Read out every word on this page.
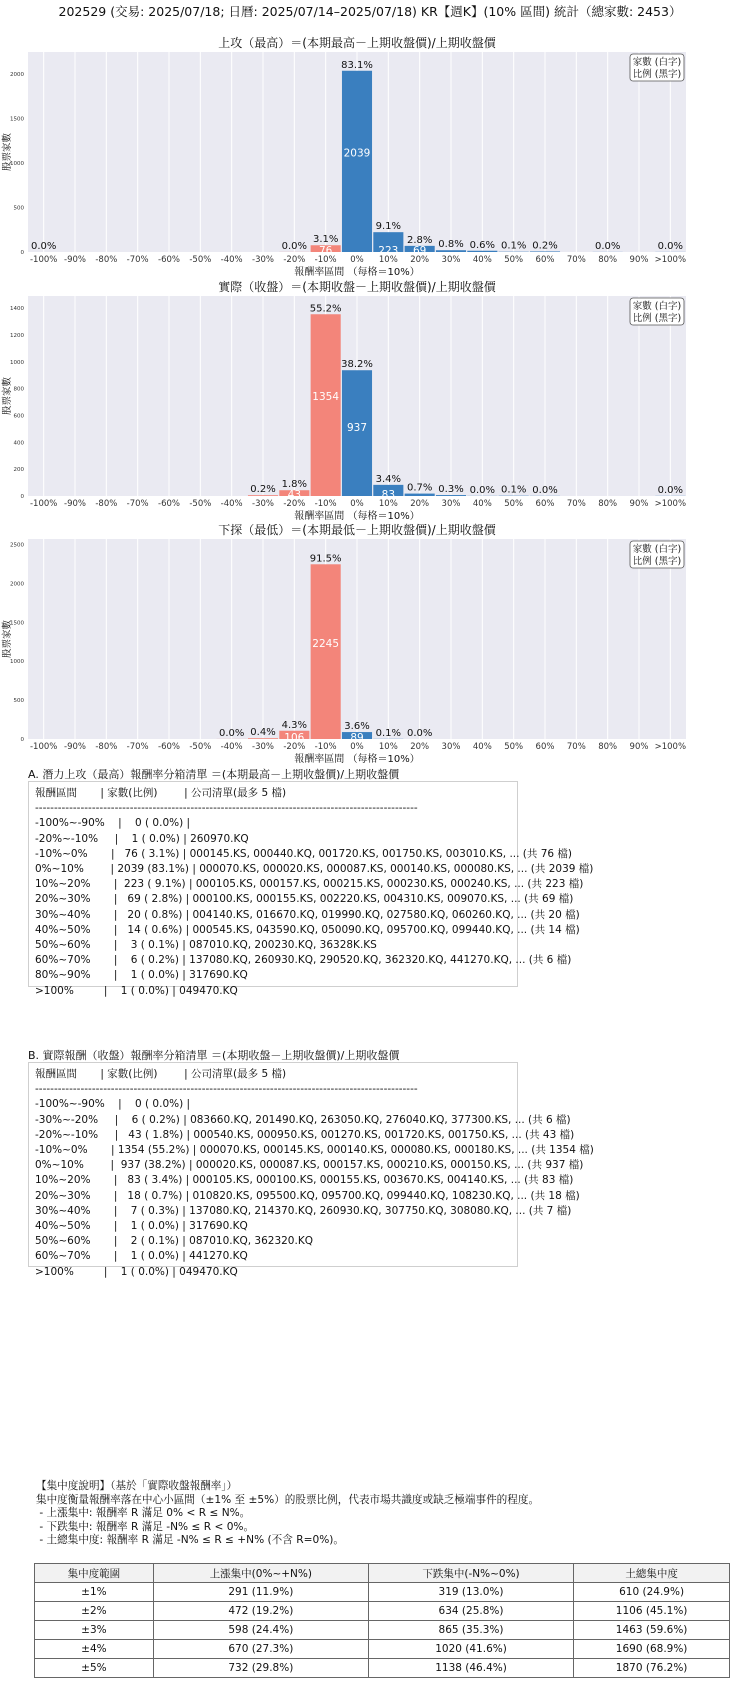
202529 (交易: 2025/07/18; 日曆: 2025/07/14–2025/07/18) KR【週K】(10% 區間) 統計（總家數: 2453）
上攻（最高）＝(本期最高－上期收盤價)/上期收盤價
0
500
1000
1500
2000
股票家數
0.0%
-100% -90% -80% -70% -60% -50% -40% -30%
0.0%
-20%
76
3.1%
-10%
2039
83.1%
0%
223
9.1%
10%
69
2.8%
20%
0.8%
30%
0.6%
40%
0.1%
50%
0.2%
60% 70%
0.0%
80% 90%
0.0%
>100%
報酬率區間 （每格＝10%）
家數 (白字)
比例 (黑字)
實際（收盤）＝(本期收盤－上期收盤價)/上期收盤價
0
200
400
600
800
1000
1200
1400
股票家數
-100% -90% -80% -70% -60% -50% -40%
0.2%
-30%
43
1.8%
-20%
1354
55.2%
-10%
937
38.2%
0%
83
3.4%
10%
0.7%
20%
0.3%
30%
0.0%
40%
0.1%
50%
0.0%
60% 70% 80% 90%
0.0%
>100%
報酬率區間 （每格＝10%）
家數 (白字)
比例 (黑字)
下探（最低）＝(本期最低－上期收盤價)/上期收盤價
0
500
1000
1500
2000
2500
股票家數
-100% -90% -80% -70% -60% -50%
0.0%
-40%
0.4%
-30%
106
4.3%
-20%
2245
91.5%
-10%
89
3.6%
0%
0.1%
10%
0.0%
20% 30% 40% 50% 60% 70% 80% 90% >100%
報酬率區間 （每格＝10%）
家數 (白字)
比例 (黑字)
A. 潛力上攻（最高）報酬率分箱清單 ＝(本期最高－上期收盤價)/上期收盤價
報酬區間       | 家數(比例)        | 公司清單(最多 5 檔)
-----------------------------------------------------------------------------------------------------
-100%~-90%    |    0 ( 0.0%) |
-20%~-10%     |    1 ( 0.0%) | 260970.KQ
-10%~0%       |   76 ( 3.1%) | 000145.KS, 000440.KQ, 001720.KS, 001750.KS, 003010.KS, ... (共 76 檔)
0%~10%        | 2039 (83.1%) | 000070.KS, 000020.KS, 000087.KS, 000140.KS, 000080.KS, ... (共 2039 檔)
10%~20%       |  223 ( 9.1%) | 000105.KS, 000157.KS, 000215.KS, 000230.KS, 000240.KS, ... (共 223 檔)
20%~30%       |   69 ( 2.8%) | 000100.KS, 000155.KS, 002220.KS, 004310.KS, 009070.KS, ... (共 69 檔)
30%~40%       |   20 ( 0.8%) | 004140.KS, 016670.KQ, 019990.KQ, 027580.KQ, 060260.KQ, ... (共 20 檔)
40%~50%       |   14 ( 0.6%) | 000545.KS, 043590.KQ, 050090.KQ, 095700.KQ, 099440.KQ, ... (共 14 檔)
50%~60%       |    3 ( 0.1%) | 087010.KQ, 200230.KQ, 36328K.KS
60%~70%       |    6 ( 0.2%) | 137080.KQ, 260930.KQ, 290520.KQ, 362320.KQ, 441270.KQ, ... (共 6 檔)
80%~90%       |    1 ( 0.0%) | 317690.KQ
>100%         |    1 ( 0.0%) | 049470.KQ
B. 實際報酬（收盤）報酬率分箱清單 ＝(本期收盤－上期收盤價)/上期收盤價
報酬區間       | 家數(比例)        | 公司清單(最多 5 檔)
-----------------------------------------------------------------------------------------------------
-100%~-90%    |    0 ( 0.0%) |
-30%~-20%     |    6 ( 0.2%) | 083660.KQ, 201490.KQ, 263050.KQ, 276040.KQ, 377300.KS, ... (共 6 檔)
-20%~-10%     |   43 ( 1.8%) | 000540.KS, 000950.KS, 001270.KS, 001720.KS, 001750.KS, ... (共 43 檔)
-10%~0%       | 1354 (55.2%) | 000070.KS, 000145.KS, 000140.KS, 000080.KS, 000180.KS, ... (共 1354 檔)
0%~10%        |  937 (38.2%) | 000020.KS, 000087.KS, 000157.KS, 000210.KS, 000150.KS, ... (共 937 檔)
10%~20%       |   83 ( 3.4%) | 000105.KS, 000100.KS, 000155.KS, 003670.KS, 004140.KS, ... (共 83 檔)
20%~30%       |   18 ( 0.7%) | 010820.KS, 095500.KQ, 095700.KQ, 099440.KQ, 108230.KQ, ... (共 18 檔)
30%~40%       |    7 ( 0.3%) | 137080.KQ, 214370.KQ, 260930.KQ, 307750.KQ, 308080.KQ, ... (共 7 檔)
40%~50%       |    1 ( 0.0%) | 317690.KQ
50%~60%       |    2 ( 0.1%) | 087010.KQ, 362320.KQ
60%~70%       |    1 ( 0.0%) | 441270.KQ
>100%         |    1 ( 0.0%) | 049470.KQ
【集中度說明】（基於「實際收盤報酬率」）
集中度衡量報酬率落在中心小區間（±1% 至 ±5%）的股票比例，代表市場共識度或缺乏極端事件的程度。
- 上漲集中: 報酬率 R 滿足 0% < R ≤ N%。
- 下跌集中: 報酬率 R 滿足 -N% ≤ R < 0%。
- 土總集中度: 報酬率 R 滿足 -N% ≤ R ≤ +N% (不含 R=0%)。
集中度範圍	上漲集中(0%~+N%)	下跌集中(-N%~0%)	土總集中度
±1%	291 (11.9%)	319 (13.0%)	610 (24.9%)
±2%	472 (19.2%)	634 (25.8%)	1106 (45.1%)
±3%	598 (24.4%)	865 (35.3%)	1463 (59.6%)
±4%	670 (27.3%)	1020 (41.6%)	1690 (68.9%)
±5%	732 (29.8%)	1138 (46.4%)	1870 (76.2%)
